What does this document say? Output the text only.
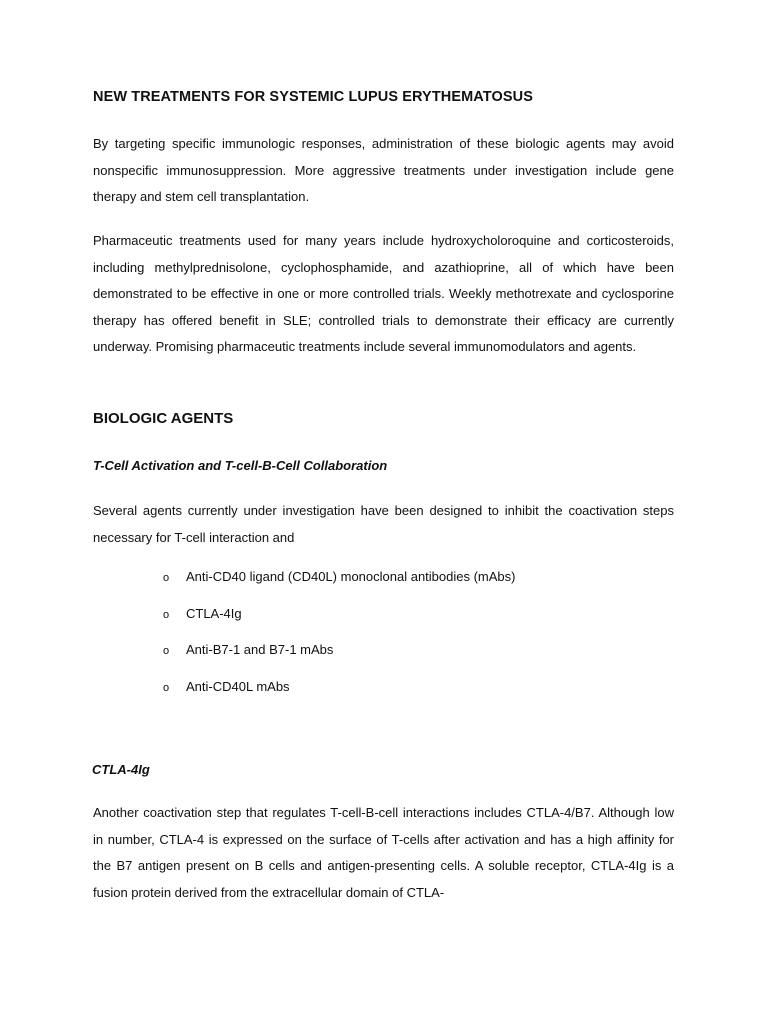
NEW TREATMENTS FOR SYSTEMIC LUPUS ERYTHEMATOSUS

By targeting specific immunologic responses, administration of these biologic agents may avoid nonspecific immunosuppression. More aggressive treatments under investigation include gene therapy and stem cell transplantation.

Pharmaceutic treatments used for many years include hydroxycholoroquine and corticosteroids, including methylprednisolone, cyclophosphamide, and azathioprine, all of which have been demonstrated to be effective in one or more controlled trials. Weekly methotrexate and cyclosporine therapy has offered benefit in SLE; controlled trials to demonstrate their efficacy are currently underway. Promising pharmaceutic treatments include several immunomodulators and agents.

BIOLOGIC AGENTS
T-Cell Activation and T-cell-B-Cell Collaboration

Several agents currently under investigation have been designed to inhibit the coactivation steps necessary for T-cell interaction and

o Anti-CD40 ligand (CD40L) monoclonal antibodies (mAbs)
o CTLA-4Ig
o Anti-B7-1 and B7-1 mAbs
o Anti-CD40L mAbs
CTLA-4Ig

Another coactivation step that regulates T-cell-B-cell interactions includes CTLA-4/B7. Although low in number, CTLA-4 is expressed on the surface of T-cells after activation and has a high affinity for the B7 antigen present on B cells and antigen-presenting cells. A soluble receptor, CTLA-4Ig is a fusion protein derived from the extracellular domain of CTLA-
